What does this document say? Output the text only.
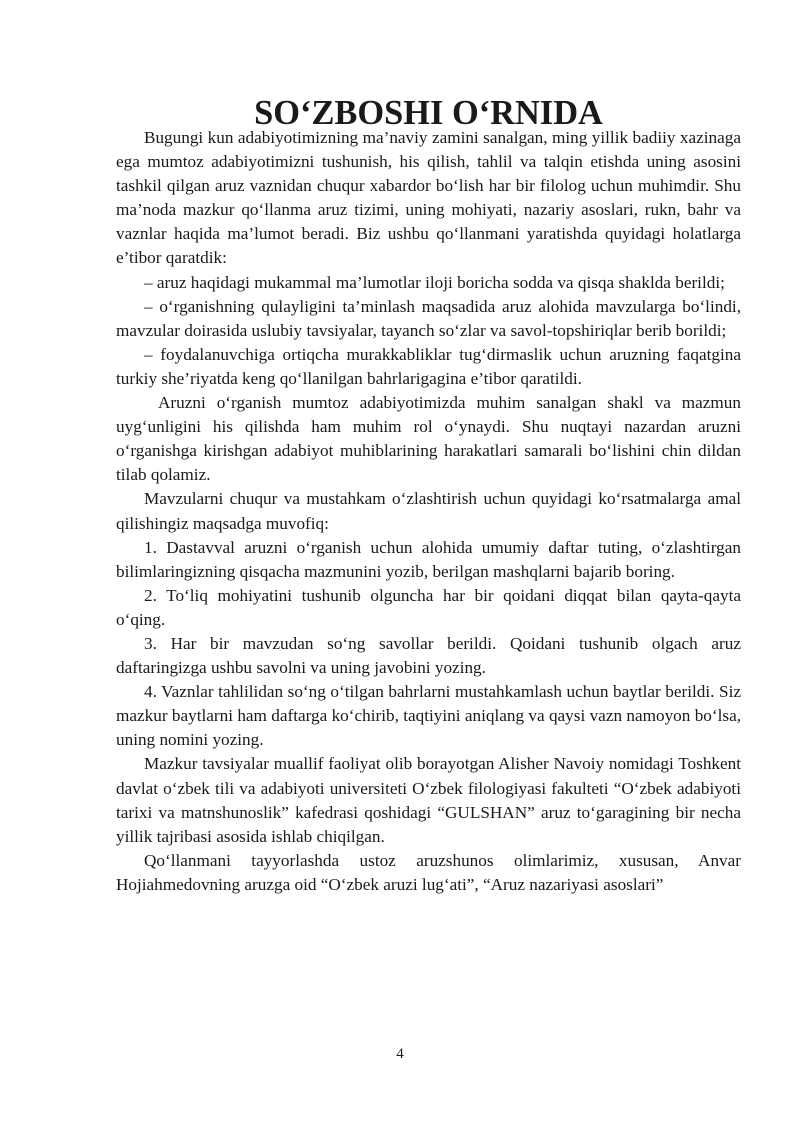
SO‘ZBOSHI O‘RNIDA

Bugungi kun adabiyotimizning ma’naviy zamini sanalgan, ming yillik badiiy xazinaga ega mumtoz adabiyotimizni tushunish, his qilish, tahlil va talqin etishda uning asosini tashkil qilgan aruz vaznidan chuqur xabardor bo‘lish har bir filolog uchun muhimdir. Shu ma’noda mazkur qo‘llanma aruz tizimi, uning mohiyati, nazariy asoslari, rukn, bahr va vaznlar haqida ma’lumot beradi. Biz ushbu qo‘llanmani yaratishda quyidagi holatlarga e’tibor qaratdik:

– aruz haqidagi mukammal ma’lumotlar iloji boricha sodda va qisqa shaklda berildi;

– o‘rganishning qulayligini ta’minlash maqsadida aruz alohida mavzularga bo‘lindi, mavzular doirasida uslubiy tavsiyalar, tayanch so‘zlar va savol-topshiriqlar berib borildi;

– foydalanuvchiga ortiqcha murakkabliklar tug‘dirmaslik uchun aruzning faqatgina turkiy she’riyatda keng qo‘llanilgan bahrlarigagina e’tibor qaratildi.

Aruzni o‘rganish mumtoz adabiyotimizda muhim sanalgan shakl va mazmun uyg‘unligini his qilishda ham muhim rol o‘ynaydi. Shu nuqtayi nazardan aruzni o‘rganishga kirishgan adabiyot muhiblarining harakatlari samarali bo‘lishini chin dildan tilab qolamiz.

Mavzularni chuqur va mustahkam o‘zlashtirish uchun quyidagi ko‘rsatmalarga amal qilishingiz maqsadga muvofiq:

1. Dastavval aruzni o‘rganish uchun alohida umumiy daftar tuting, o‘zlashtirgan bilimlaringizning qisqacha mazmunini yozib, berilgan mashqlarni bajarib boring.

2. To‘liq mohiyatini tushunib olguncha har bir qoidani diqqat bilan qayta-qayta o‘qing.

3. Har bir mavzudan so‘ng savollar berildi. Qoidani tushunib olgach aruz daftaringizga ushbu savolni va uning javobini yozing.

4. Vaznlar tahlilidan so‘ng o‘tilgan bahrlarni mustahkamlash uchun baytlar berildi. Siz mazkur baytlarni ham daftarga ko‘chirib, taqtiyini aniqlang va qaysi vazn namoyon bo‘lsa, uning nomini yozing.

Mazkur tavsiyalar muallif faoliyat olib borayotgan Alisher Navoiy nomidagi Toshkent davlat o‘zbek tili va adabiyoti universiteti O‘zbek filologiyasi fakulteti “O‘zbek adabiyoti tarixi va matnshunoslik” kafedrasi qoshidagi “GULSHAN” aruz to‘garagining bir necha yillik tajribasi asosida ishlab chiqilgan.

Qo‘llanmani tayyorlashda ustoz aruzshunos olimlarimiz, xususan, Anvar Hojiahmedovning aruzga oid “O‘zbek aruzi lug‘ati”, “Aruz nazariyasi asoslari”

4
